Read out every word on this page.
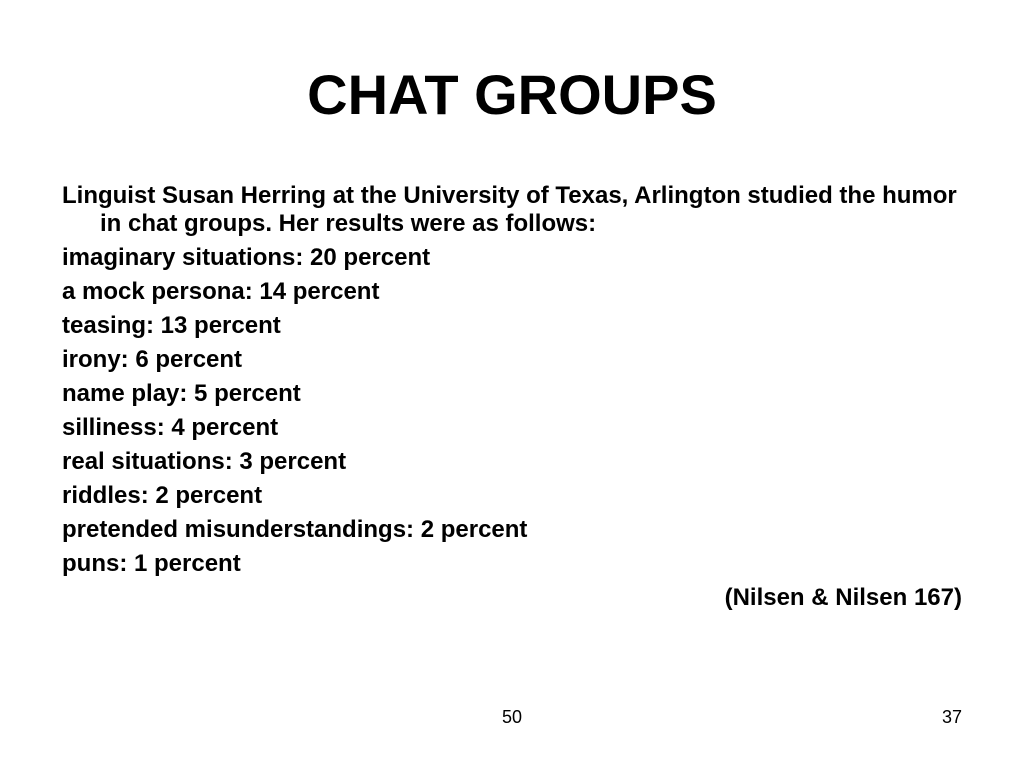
CHAT GROUPS

Linguist Susan Herring at the University of Texas, Arlington studied the humor in chat groups. Her results were as follows:

imaginary situations: 20 percent
a mock persona: 14 percent
teasing: 13 percent
irony: 6 percent
name play: 5 percent
silliness: 4 percent
real situations: 3 percent
riddles: 2 percent
pretended misunderstandings: 2 percent
puns: 1 percent

(Nilsen & Nilsen 167)

50	37
